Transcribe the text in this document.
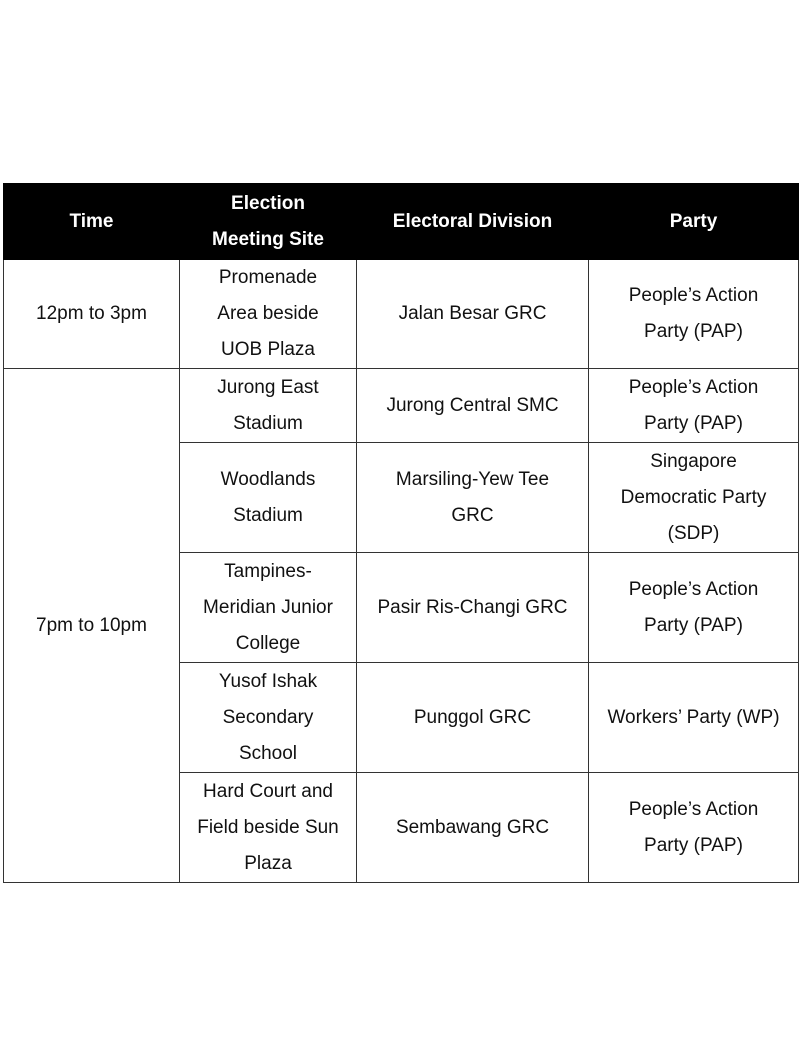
Time	Election Meeting Site	Electoral Division	Party
12pm to 3pm	Promenade Area beside UOB Plaza	Jalan Besar GRC	People’s Action Party (PAP)
7pm to 10pm	Jurong East Stadium	Jurong Central SMC	People’s Action Party (PAP)
	Woodlands Stadium	Marsiling-Yew Tee GRC	Singapore Democratic Party (SDP)
	Tampines-Meridian Junior College	Pasir Ris-Changi GRC	People’s Action Party (PAP)
	Yusof Ishak Secondary School	Punggol GRC	Workers’ Party (WP)
	Hard Court and Field beside Sun Plaza	Sembawang GRC	People’s Action Party (PAP)
